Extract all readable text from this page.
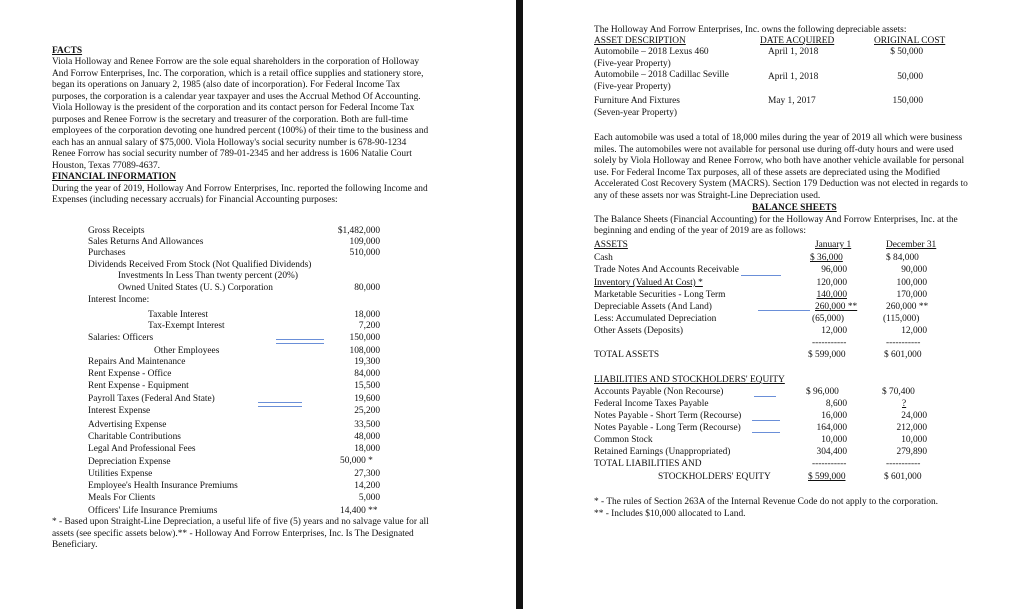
FACTS
Viola Holloway and Renee Forrow are the sole equal shareholders in the corporation of Holloway
And Forrow Enterprises, Inc. The corporation, which is a retail office supplies and stationery store,
began its operations on January 2, 1985 (also date of incorporation). For Federal Income Tax
purposes, the corporation is a calendar year taxpayer and uses the Accrual Method Of Accounting.
Viola Holloway is the president of the corporation and its contact person for Federal Income Tax
purposes and Renee Forrow is the secretary and treasurer of the corporation. Both are full-time
employees of the corporation devoting one hundred percent (100%) of their time to the business and
each has an annual salary of $75,000. Viola Holloway's social security number is 678-90-1234
Renee Forrow has social security number of 789-01-2345 and her address is 1606 Natalie Court
Houston, Texas 77089-4637.
FINANCIAL INFORMATION
During the year of 2019, Holloway And Forrow Enterprises, Inc. reported the following Income and
Expenses (including necessary accruals) for Financial Accounting purposes:
Gross Receipts	$1,482,000
Sales Returns And Allowances	109,000
Purchases	510,000
Dividends Received From Stock (Not Qualified Dividends)
Investments In Less Than twenty percent (20%)
Owned United States (U. S.) Corporation	80,000
Interest Income:
Taxable Interest	18,000
Tax-Exempt Interest	7,200
Salaries: Officers	150,000
Other Employees	108,000
Repairs And Maintenance	19,300
Rent Expense - Office	84,000
Rent Expense - Equipment	15,500
Payroll Taxes (Federal And State)	19,600
Interest Expense	25,200
Advertising Expense	33,500
Charitable Contributions	48,000
Legal And Professional Fees	18,000
Depreciation Expense	50,000 *
Utilities Expense	27,300
Employee's Health Insurance Premiums	14,200
Meals For Clients	5,000
Officers' Life Insurance Premiums	14,400 **
* - Based upon Straight-Line Depreciation, a useful life of five (5) years and no salvage value for all
assets (see specific assets below).** - Holloway And Forrow Enterprises, Inc. Is The Designated
Beneficiary.
The Holloway And Forrow Enterprises, Inc. owns the following depreciable assets:
ASSET DESCRIPTION	DATE ACQUIRED	ORIGINAL COST
Automobile – 2018 Lexus 460	April 1, 2018	$ 50,000
(Five-year Property)
Automobile – 2018 Cadillac Seville	April 1, 2018	50,000
(Five-year Property)
Furniture And Fixtures	May 1, 2017	150,000
(Seven-year Property)
Each automobile was used a total of 18,000 miles during the year of 2019 all which were business
miles. The automobiles were not available for personal use during off-duty hours and were used
solely by Viola Holloway and Renee Forrow, who both have another vehicle available for personal
use. For Federal Income Tax purposes, all of these assets are depreciated using the Modified
Accelerated Cost Recovery System (MACRS). Section 179 Deduction was not elected in regards to
any of these assets nor was Straight-Line Depreciation used.
BALANCE SHEETS
The Balance Sheets (Financial Accounting) for the Holloway And Forrow Enterprises, Inc. at the
beginning and ending of the year of 2019 are as follows:
ASSETS	January 1	December 31
Cash	$ 36,000	$ 84,000
Trade Notes And Accounts Receivable	96,000	90,000
Inventory (Valued At Cost) *	120,000	100,000
Marketable Securities - Long Term	140,000	170,000
Depreciable Assets (And Land)	260,000 **	260,000 **
Less: Accumulated Depreciation	(65,000)	(115,000)
Other Assets (Deposits)	12,000	12,000
-----------	-----------
TOTAL ASSETS	$ 599,000	$ 601,000
LIABILITIES AND STOCKHOLDERS' EQUITY
Accounts Payable (Non Recourse)	$ 96,000	$ 70,400
Federal Income Taxes Payable	8,600	?
Notes Payable - Short Term (Recourse)	16,000	24,000
Notes Payable - Long Term (Recourse)	164,000	212,000
Common Stock	10,000	10,000
Retained Earnings (Unappropriated)	304,400	279,890
TOTAL LIABILITIES AND	-----------	-----------
STOCKHOLDERS' EQUITY	$ 599,000	$ 601,000
* - The rules of Section 263A of the Internal Revenue Code do not apply to the corporation.
** - Includes $10,000 allocated to Land.
